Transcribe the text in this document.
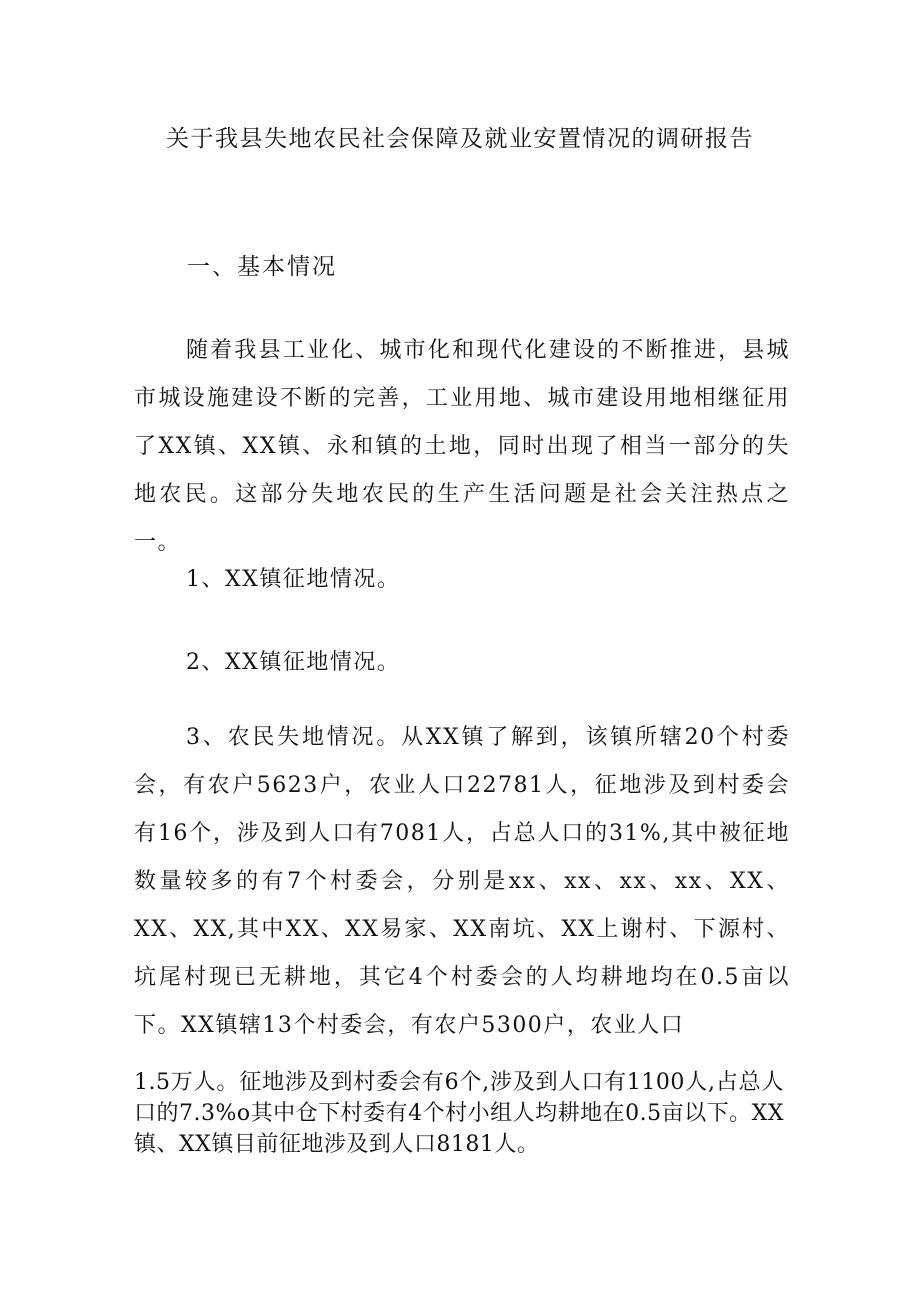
关于我县失地农民社会保障及就业安置情况的调研报告
一、基本情况

随着我县工业化、城市化和现代化建设的不断推进，县城市城设施建设不断的完善，工业用地、城市建设用地相继征用了XX镇、XX镇、永和镇的土地，同时出现了相当一部分的失地农民。这部分失地农民的生产生活问题是社会关注热点之一。

1、XX镇征地情况。
2、XX镇征地情况。

3、农民失地情况。从XX镇了解到，该镇所辖20个村委会，有农户5623户，农业人口22781人，征地涉及到村委会有16个，涉及到人口有7081人，占总人口的31%,其中被征地数量较多的有7个村委会，分别是xx、xx、xx、xx、XX、XX、XX,其中XX、XX易家、XX南坑、XX上谢村、下源村、坑尾村现已无耕地，其它4个村委会的人均耕地均在0.5亩以下。XX镇辖13个村委会，有农户5300户，农业人口

1.5万人。征地涉及到村委会有6个,涉及到人口有1100人,占总人口的7.3%o其中仓下村委有4个村小组人均耕地在0.5亩以下。XX镇、XX镇目前征地涉及到人口8181人。
